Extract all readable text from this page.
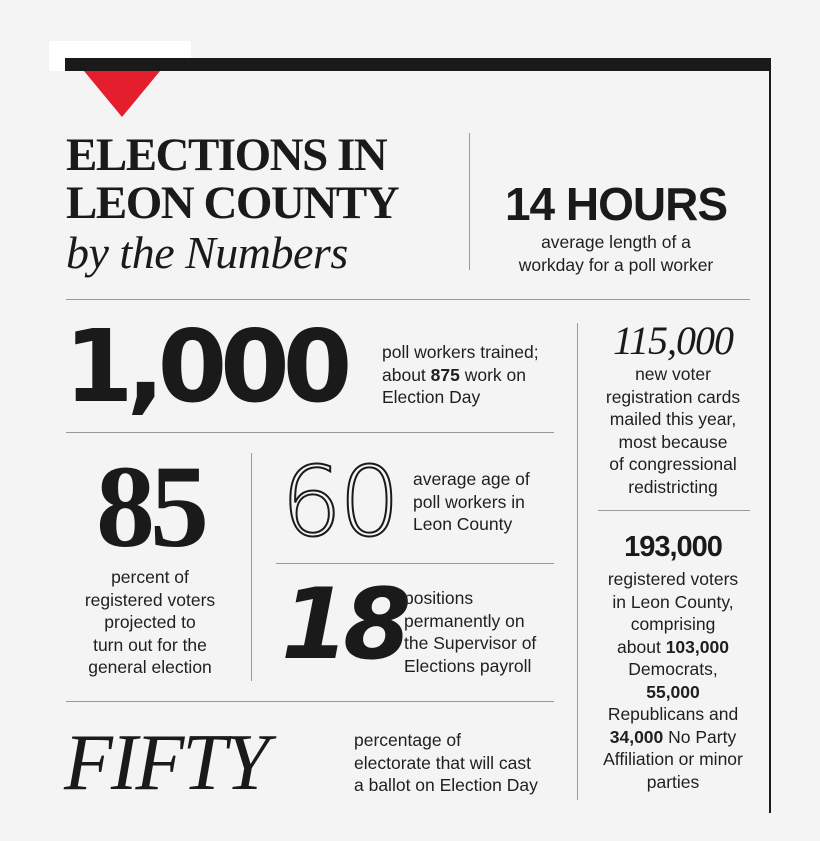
ELECTIONS IN
LEON COUNTY
by the Numbers
14 HOURS
average length of a
workday for a poll worker
1,000 poll workers trained;
about 875 work on
Election Day
115,000
new voter
registration cards
mailed this year,
most because
of congressional
redistricting
85
percent of
registered voters
projected to
turn out for the
general election
60 average age of
poll workers in
Leon County
18
positions
permanently on
the Supervisor of
Elections payroll
193,000
registered voters
in Leon County,
comprising
about 103,000
Democrats,
55,000
Republicans and
34,000 No Party
Affiliation or minor
parties
FIFTY	percentage of
electorate that will cast
a ballot on Election Day
